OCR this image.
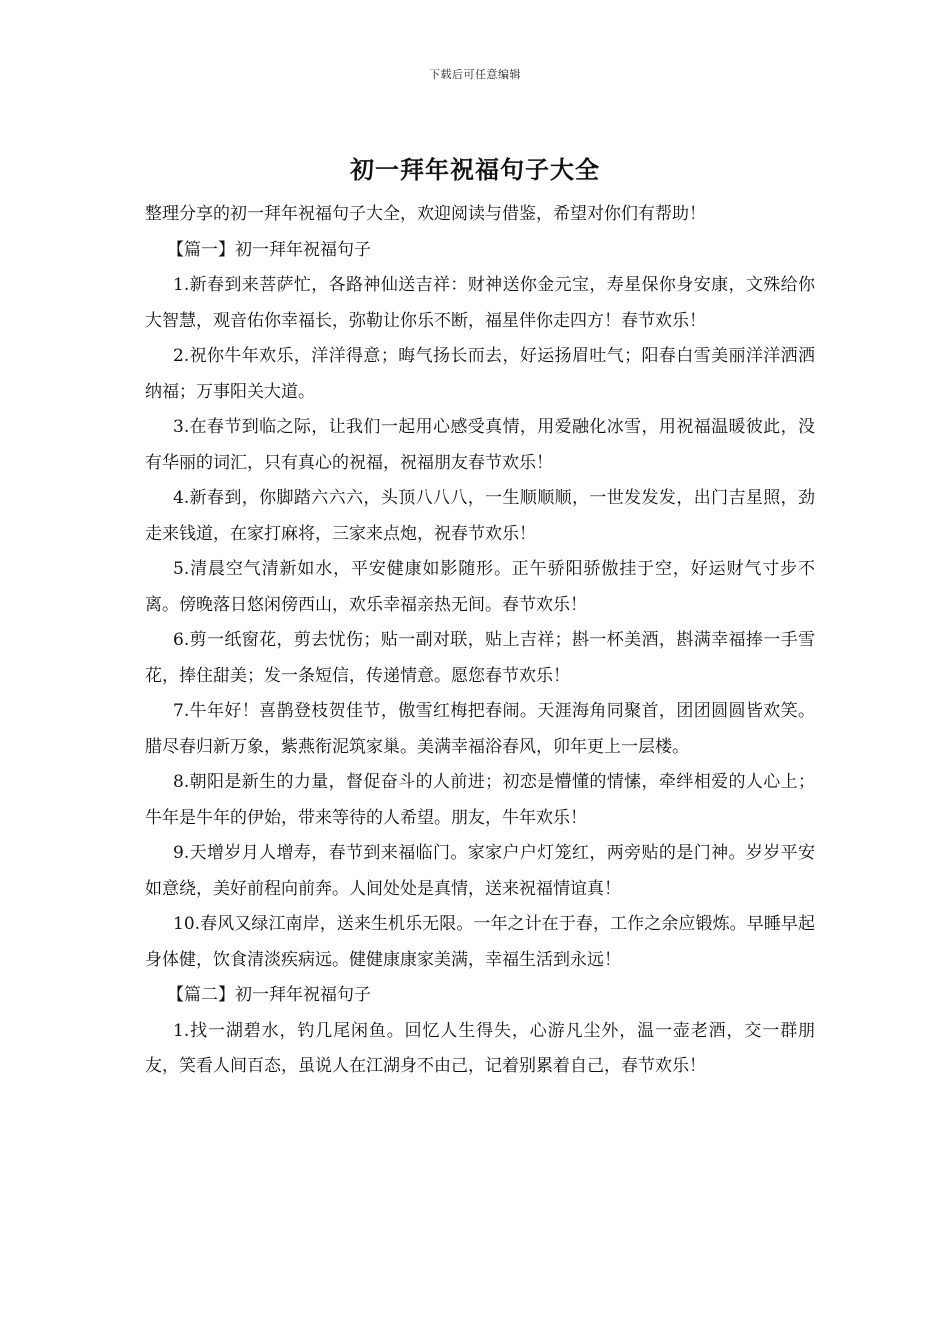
下载后可任意编辑
初一拜年祝福句子大全

整理分享的初一拜年祝福句子大全，欢迎阅读与借鉴，希望对你们有帮助！

【篇一】初一拜年祝福句子

1.新春到来菩萨忙，各路神仙送吉祥：财神送你金元宝，寿星保你身安康，文殊给你大智慧，观音佑你幸福长，弥勒让你乐不断，福星伴你走四方！春节欢乐！

2.祝你牛年欢乐，洋洋得意；晦气扬长而去，好运扬眉吐气；阳春白雪美丽洋洋洒洒纳福；万事阳关大道。

3.在春节到临之际，让我们一起用心感受真情，用爱融化冰雪，用祝福温暖彼此，没有华丽的词汇，只有真心的祝福，祝福朋友春节欢乐！

4.新春到，你脚踏六六六，头顶八八八，一生顺顺顺，一世发发发，出门吉星照，劲走来钱道，在家打麻将，三家来点炮，祝春节欢乐！

5.清晨空气清新如水，平安健康如影随形。正午骄阳骄傲挂于空，好运财气寸步不离。傍晚落日悠闲傍西山，欢乐幸福亲热无间。春节欢乐！

6.剪一纸窗花，剪去忧伤；贴一副对联，贴上吉祥；斟一杯美酒，斟满幸福捧一手雪花，捧住甜美；发一条短信，传递情意。愿您春节欢乐！

7.牛年好！喜鹊登枝贺佳节，傲雪红梅把春闹。天涯海角同聚首，团团圆圆皆欢笑。腊尽春归新万象，紫燕衔泥筑家巢。美满幸福浴春风，卯年更上一层楼。

8.朝阳是新生的力量，督促奋斗的人前进；初恋是懵懂的情愫，牵绊相爱的人心上；牛年是牛年的伊始，带来等待的人希望。朋友，牛年欢乐！

9.天增岁月人增寿，春节到来福临门。家家户户灯笼红，两旁贴的是门神。岁岁平安如意绕，美好前程向前奔。人间处处是真情，送来祝福情谊真！

10.春风又绿江南岸，送来生机乐无限。一年之计在于春，工作之余应锻炼。早睡早起身体健，饮食清淡疾病远。健健康康家美满，幸福生活到永远！

【篇二】初一拜年祝福句子

1.找一湖碧水，钓几尾闲鱼。回忆人生得失，心游凡尘外，温一壶老酒，交一群朋友，笑看人间百态，虽说人在江湖身不由己，记着别累着自己，春节欢乐！
